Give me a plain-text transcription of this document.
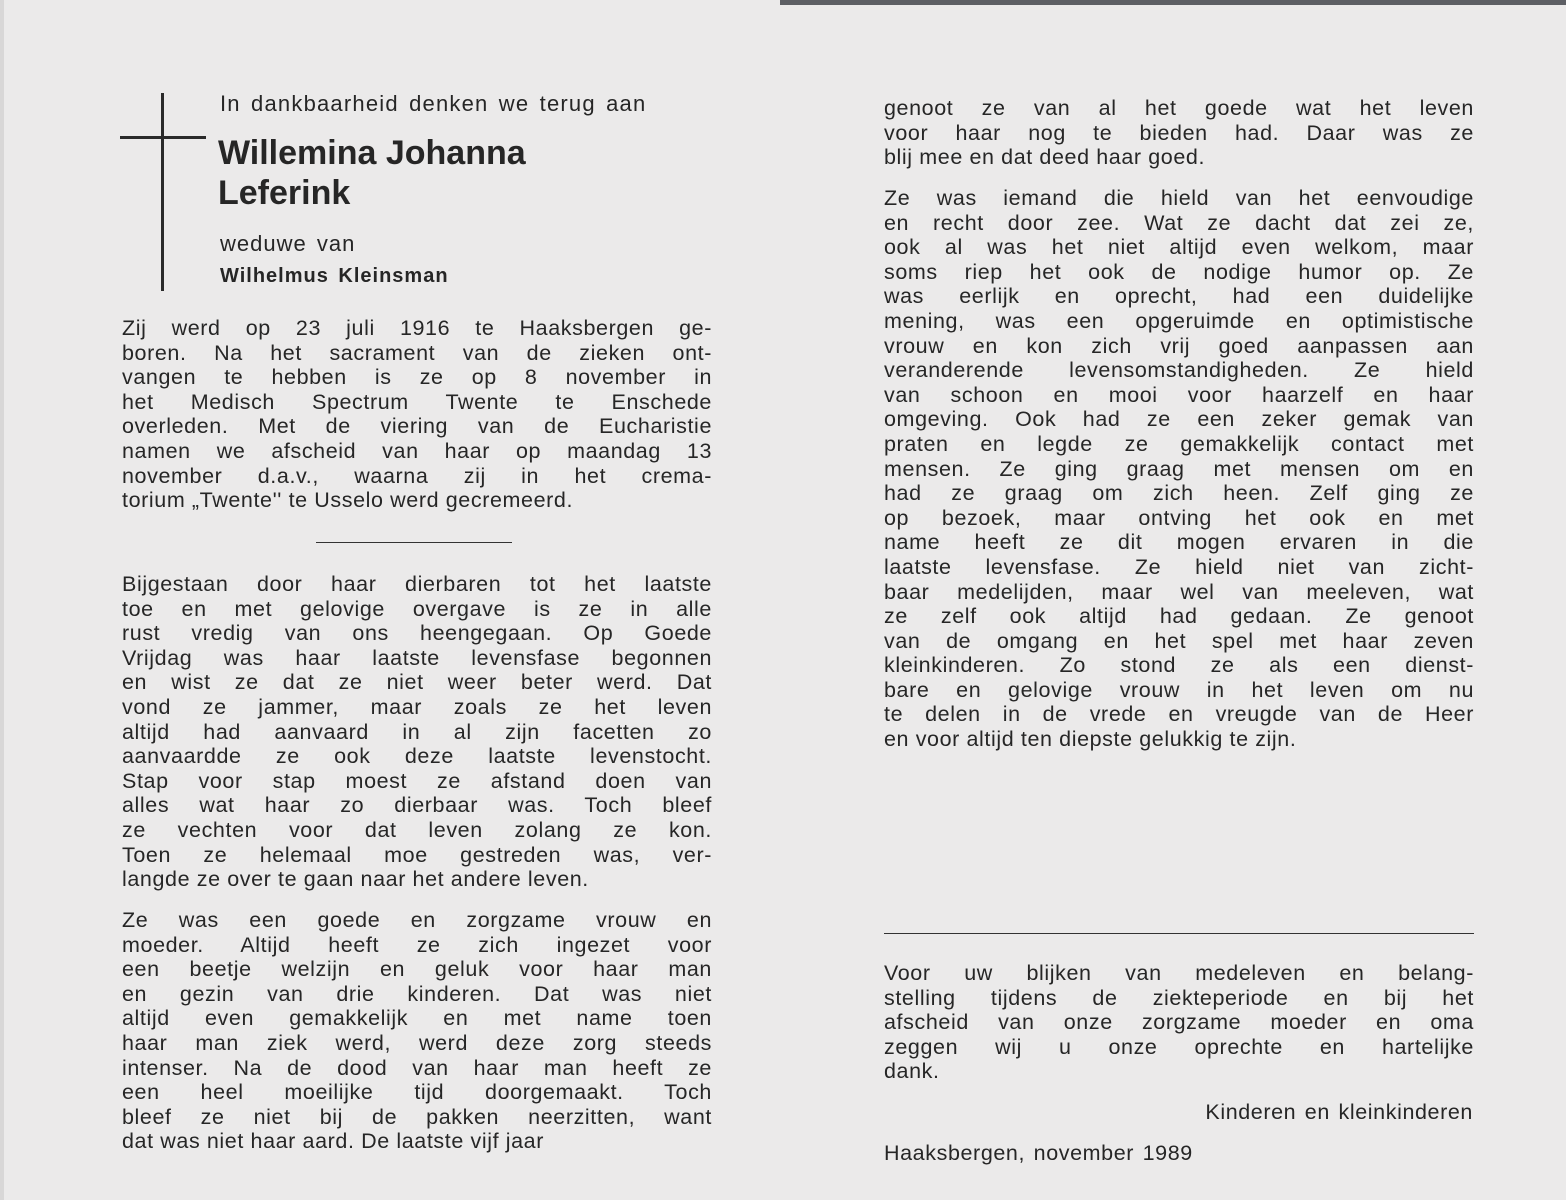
In dankbaarheid denken we terug aan
Willemina Johanna
Leferink
weduwe van
Wilhelmus Kleinsman
Zij werd op 23 juli 1916 te Haaksbergen ge-
boren. Na het sacrament van de zieken ont-
vangen te hebben is ze op 8 november in
het Medisch Spectrum Twente te Enschede
overleden. Met de viering van de Eucharistie
namen we afscheid van haar op maandag 13
november d.a.v., waarna zij in het crema-
torium „Twente'' te Usselo werd gecremeerd.
Bijgestaan door haar dierbaren tot het laatste
toe en met gelovige overgave is ze in alle
rust vredig van ons heengegaan. Op Goede
Vrijdag was haar laatste levensfase begonnen
en wist ze dat ze niet weer beter werd. Dat
vond ze jammer, maar zoals ze het leven
altijd had aanvaard in al zijn facetten zo
aanvaardde ze ook deze laatste levenstocht.
Stap voor stap moest ze afstand doen van
alles wat haar zo dierbaar was. Toch bleef
ze vechten voor dat leven zolang ze kon.
Toen ze helemaal moe gestreden was, ver-
langde ze over te gaan naar het andere leven.
Ze was een goede en zorgzame vrouw en
moeder. Altijd heeft ze zich ingezet voor
een beetje welzijn en geluk voor haar man
en gezin van drie kinderen. Dat was niet
altijd even gemakkelijk en met name toen
haar man ziek werd, werd deze zorg steeds
intenser. Na de dood van haar man heeft ze
een heel moeilijke tijd doorgemaakt. Toch
bleef ze niet bij de pakken neerzitten, want
dat was niet haar aard. De laatste vijf jaar
genoot ze van al het goede wat het leven
voor haar nog te bieden had. Daar was ze
blij mee en dat deed haar goed.
Ze was iemand die hield van het eenvoudige
en recht door zee. Wat ze dacht dat zei ze,
ook al was het niet altijd even welkom, maar
soms riep het ook de nodige humor op. Ze
was eerlijk en oprecht, had een duidelijke
mening, was een opgeruimde en optimistische
vrouw en kon zich vrij goed aanpassen aan
veranderende levensomstandigheden. Ze hield
van schoon en mooi voor haarzelf en haar
omgeving. Ook had ze een zeker gemak van
praten en legde ze gemakkelijk contact met
mensen. Ze ging graag met mensen om en
had ze graag om zich heen. Zelf ging ze
op bezoek, maar ontving het ook en met
name heeft ze dit mogen ervaren in die
laatste levensfase. Ze hield niet van zicht-
baar medelijden, maar wel van meeleven, wat
ze zelf ook altijd had gedaan. Ze genoot
van de omgang en het spel met haar zeven
kleinkinderen. Zo stond ze als een dienst-
bare en gelovige vrouw in het leven om nu
te delen in de vrede en vreugde van de Heer
en voor altijd ten diepste gelukkig te zijn.
Voor uw blijken van medeleven en belang-
stelling tijdens de ziekteperiode en bij het
afscheid van onze zorgzame moeder en oma
zeggen wij u onze oprechte en hartelijke
dank.
Kinderen en kleinkinderen
Haaksbergen, november 1989
